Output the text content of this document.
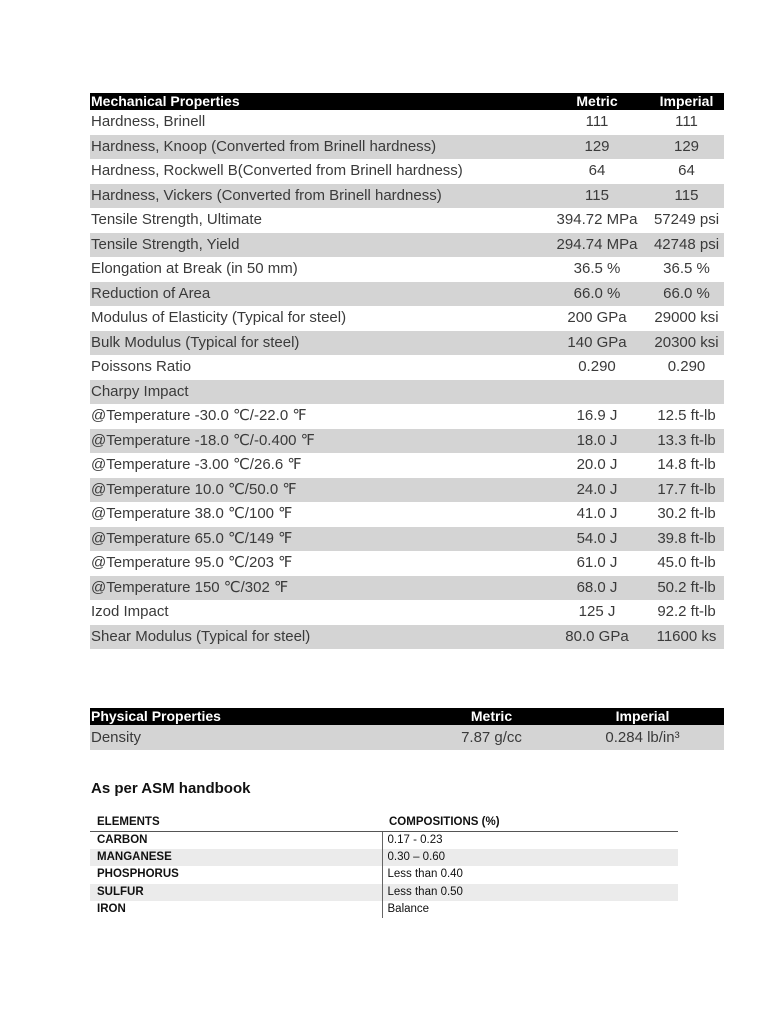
Mechanical Properties	Metric	Imperial
Hardness, Brinell	111	111
Hardness, Knoop (Converted from Brinell hardness)	129	129
Hardness, Rockwell B(Converted from Brinell hardness)	64	64
Hardness, Vickers (Converted from Brinell hardness)	115	115
Tensile Strength, Ultimate	394.72 MPa	57249 psi
Tensile Strength, Yield	294.74 MPa	42748 psi
Elongation at Break (in 50 mm)	36.5 %	36.5 %
Reduction of Area	66.0 %	66.0 %
Modulus of Elasticity (Typical for steel)	200 GPa	29000 ksi
Bulk Modulus (Typical for steel)	140 GPa	20300 ksi
Poissons Ratio	0.290	0.290
Charpy Impact		
@Temperature -30.0 ℃/-22.0 ℉	16.9 J	12.5 ft-lb
@Temperature -18.0 ℃/-0.400 ℉	18.0 J	13.3 ft-lb
@Temperature -3.00 ℃/26.6 ℉	20.0 J	14.8 ft-lb
@Temperature 10.0 ℃/50.0 ℉	24.0 J	17.7 ft-lb
@Temperature 38.0 ℃/100 ℉	41.0 J	30.2 ft-lb
@Temperature 65.0 ℃/149 ℉	54.0 J	39.8 ft-lb
@Temperature 95.0 ℃/203 ℉	61.0 J	45.0 ft-lb
@Temperature 150 ℃/302 ℉	68.0 J	50.2 ft-lb
Izod Impact	125 J	92.2 ft-lb
Shear Modulus (Typical for steel)	80.0 GPa	11600 ks
Physical Properties	Metric	Imperial
Density	7.87 g/cc	0.284 lb/in³
As per ASM handbook
ELEMENTS	COMPOSITIONS (%)
CARBON	0.17 - 0.23
MANGANESE	0.30 – 0.60
PHOSPHORUS	Less than 0.40
SULFUR	Less than 0.50
IRON	Balance
